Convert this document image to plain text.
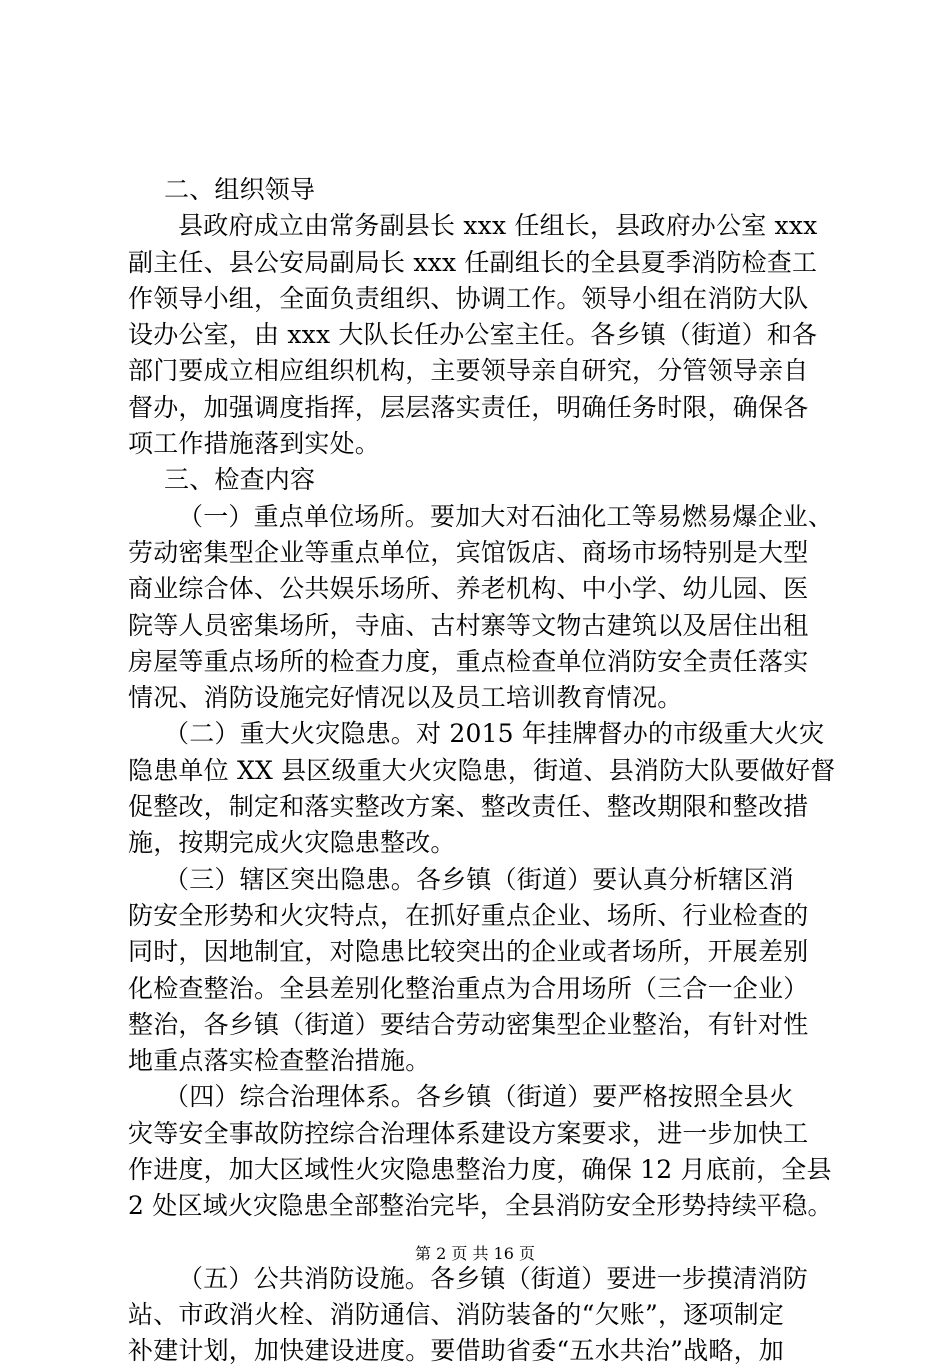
二、组织领导
县政府成立由常务副县长 xxx 任组长，县政府办公室 xxx
副主任、县公安局副局长 xxx 任副组长的全县夏季消防检查工
作领导小组，全面负责组织、协调工作。领导小组在消防大队
设办公室，由 xxx 大队长任办公室主任。各乡镇（街道）和各
部门要成立相应组织机构，主要领导亲自研究，分管领导亲自
督办，加强调度指挥，层层落实责任，明确任务时限，确保各
项工作措施落到实处。
三、检查内容
（一）重点单位场所。要加大对石油化工等易燃易爆企业、
劳动密集型企业等重点单位，宾馆饭店、商场市场特别是大型
商业综合体、公共娱乐场所、养老机构、中小学、幼儿园、医
院等人员密集场所，寺庙、古村寨等文物古建筑以及居住出租
房屋等重点场所的检查力度，重点检查单位消防安全责任落实
情况、消防设施完好情况以及员工培训教育情况。
（二）重大火灾隐患。对 2015 年挂牌督办的市级重大火灾
隐患单位 XX 县区级重大火灾隐患，街道、县消防大队要做好督
促整改，制定和落实整改方案、整改责任、整改期限和整改措
施，按期完成火灾隐患整改。
（三）辖区突出隐患。各乡镇（街道）要认真分析辖区消
防安全形势和火灾特点，在抓好重点企业、场所、行业检查的
同时，因地制宜，对隐患比较突出的企业或者场所，开展差别
化检查整治。全县差别化整治重点为合用场所（三合一企业）
整治，各乡镇（街道）要结合劳动密集型企业整治，有针对性
地重点落实检查整治措施。
（四）综合治理体系。各乡镇（街道）要严格按照全县火
灾等安全事故防控综合治理体系建设方案要求，进一步加快工
作进度，加大区域性火灾隐患整治力度，确保 12 月底前，全县
2 处区域火灾隐患全部整治完毕，全县消防安全形势持续平稳。
（五）公共消防设施。各乡镇（街道）要进一步摸清消防
站、市政消火栓、消防通信、消防装备的“欠账”，逐项制定
补建计划，加快建设进度。要借助省委“五水共治”战略，加
第 2 页 共 16 页
